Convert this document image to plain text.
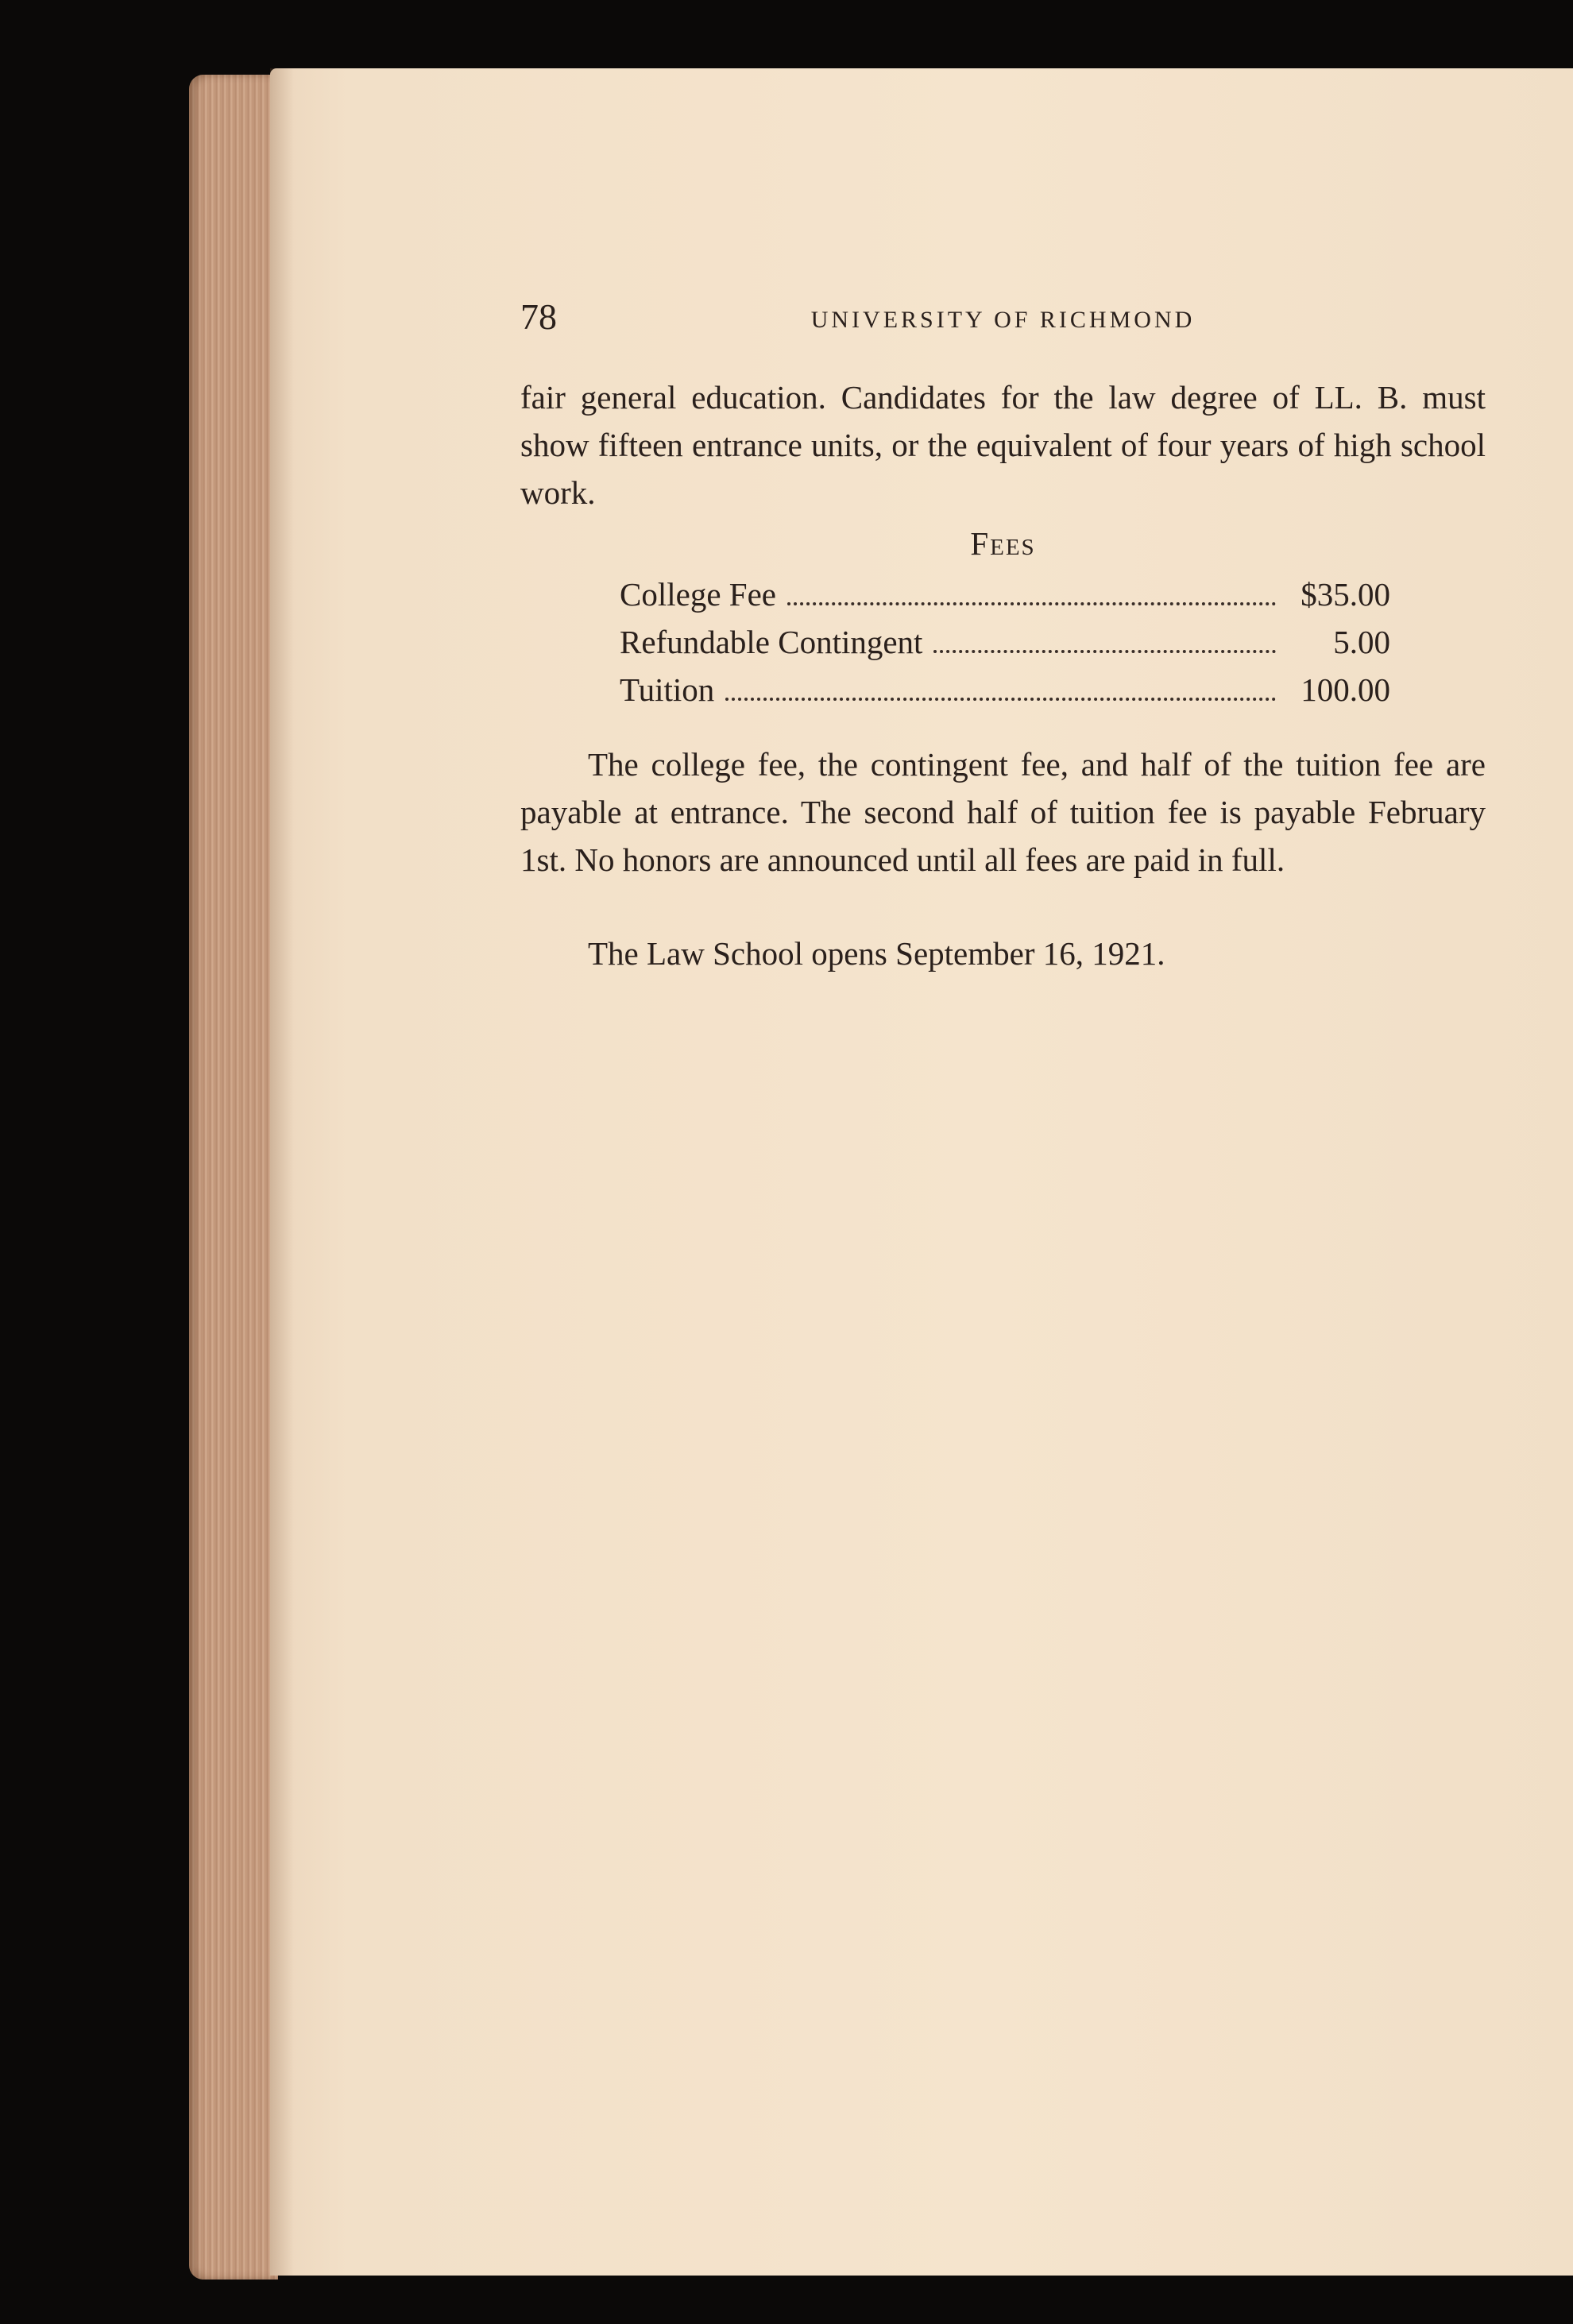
78	UNIVERSITY OF RICHMOND

fair general education. Candidates for the law degree of LL. B. must show fifteen entrance units, or the equivalent of four years of high school work.

Fees
College Fee	$35.00
Refundable Contingent	5.00
Tuition	100.00

The college fee, the contingent fee, and half of the tuition fee are payable at entrance. The second half of tuition fee is payable February 1st. No honors are announced until all fees are paid in full.

The Law School opens September 16, 1921.
